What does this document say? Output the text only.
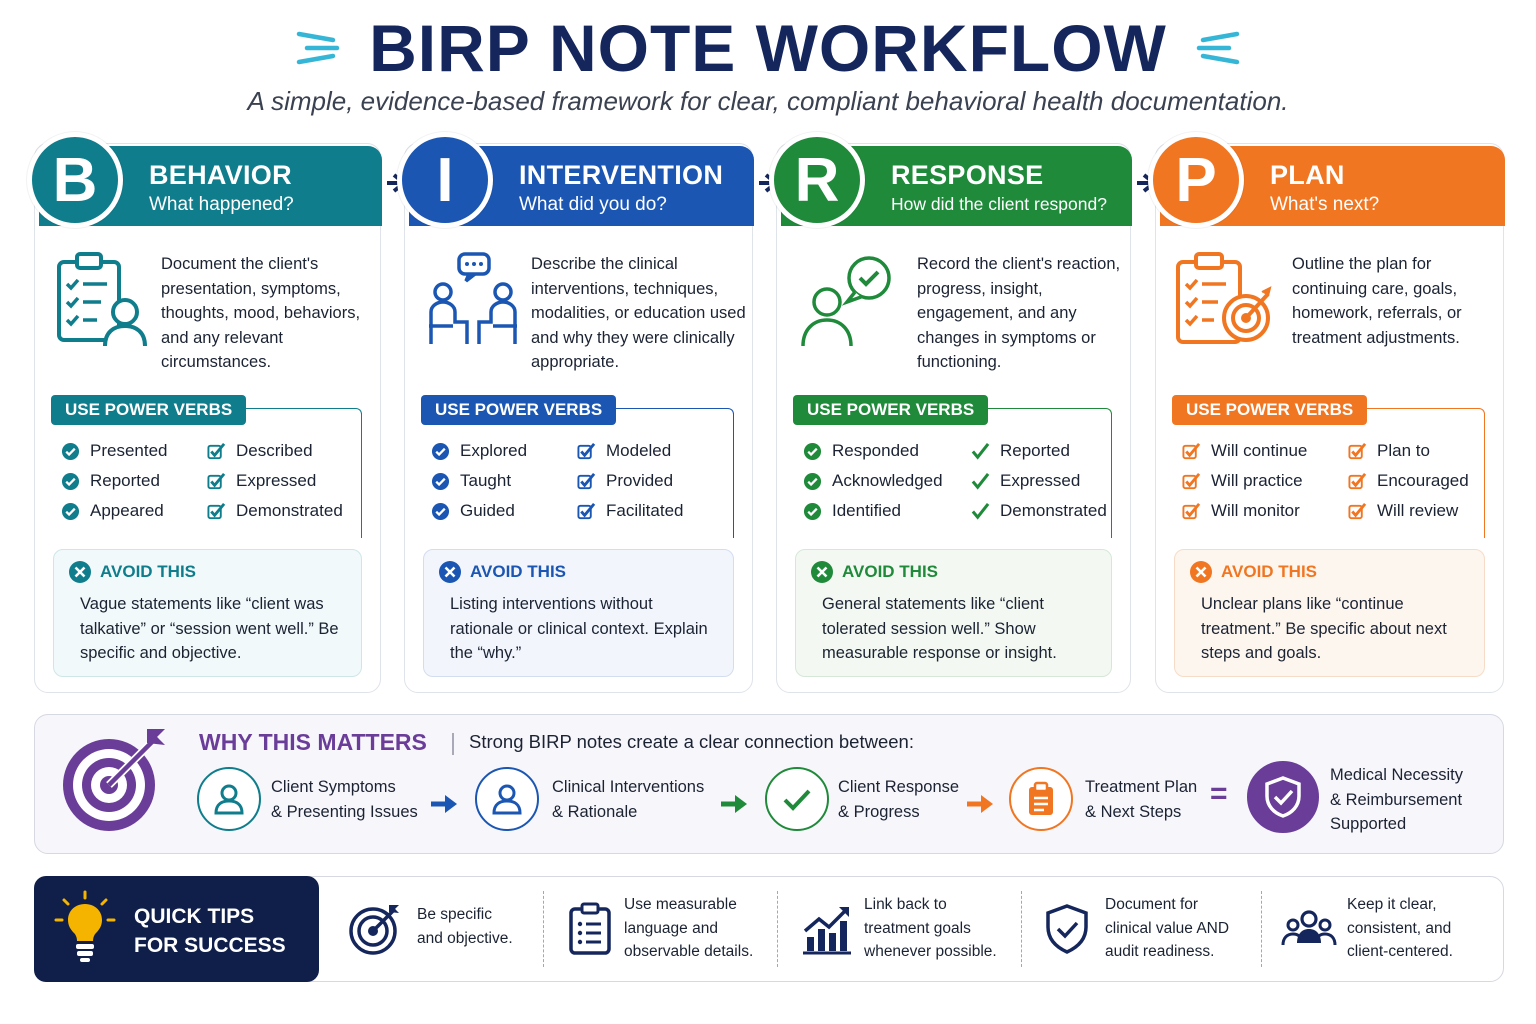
BIRP NOTE WORKFLOW
A simple, evidence-based framework for clear, compliant behavioral health documentation.
B	BEHAVIOR
What happened?
Document the client's presentation, symptoms, thoughts, mood, behaviors, and any relevant circumstances.
USE POWER VERBS
Presented	Described
Reported	Expressed
Appeared	Demonstrated
AVOID THIS
Vague statements like “client was talkative” or “session went well.” Be specific and objective.
I	INTERVENTION
What did you do?
Describe the clinical interventions, techniques, modalities, or education used and why they were clinically appropriate.
USE POWER VERBS
Explored	Modeled
Taught	Provided
Guided	Facilitated
AVOID THIS
Listing interventions without rationale or clinical context. Explain the “why.”
R	RESPONSE
How did the client respond?
Record the client's reaction, progress, insight, engagement, and any changes in symptoms or functioning.
USE POWER VERBS
Responded	Reported
Acknowledged	Expressed
Identified	Demonstrated
AVOID THIS
General statements like “client tolerated session well.” Show measurable response or insight.
P	PLAN
What's next?
Outline the plan for continuing care, goals, homework, referrals, or treatment adjustments.
USE POWER VERBS
Will continue	Plan to
Will practice	Encouraged
Will monitor	Will review
AVOID THIS
Unclear plans like “continue treatment.” Be specific about next steps and goals.
WHY THIS MATTERS Strong BIRP notes create a clear connection between:
Client Symptoms
& Presenting Issues
Clinical Interventions
& Rationale
Client Response
& Progress
Treatment Plan
& Next Steps
=
Medical Necessity
& Reimbursement
Supported
QUICK TIPS
FOR SUCCESS
Be specific
and objective.
Use measurable
language and
observable details.
Link back to
treatment goals
whenever possible.
Document for
clinical value AND
audit readiness.
Keep it clear,
consistent, and
client-centered.
